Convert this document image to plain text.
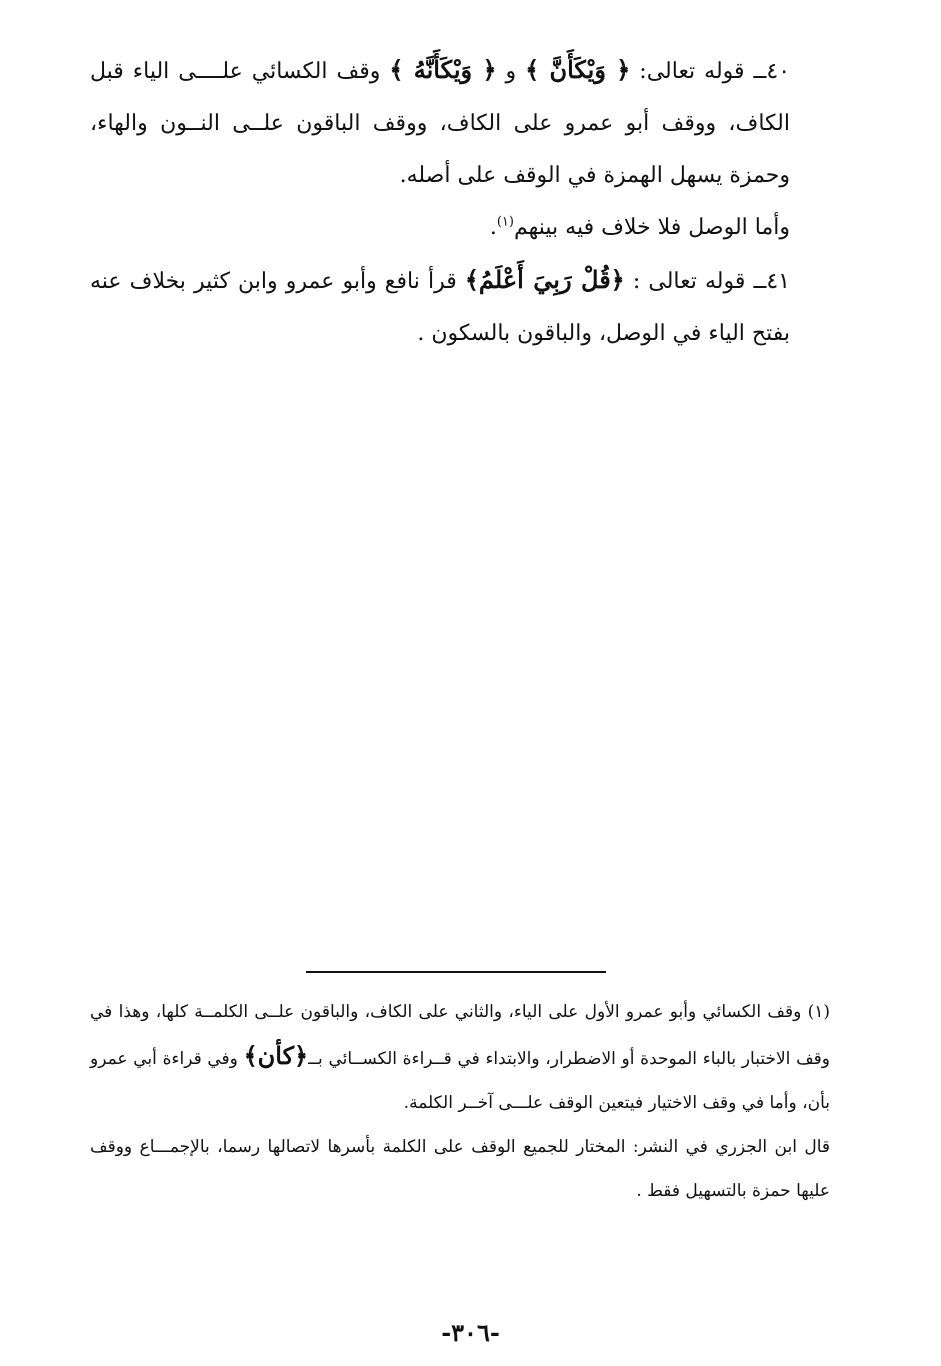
٤٠ــ قوله تعالى: ﴿ وَيْكَأَنَّ ﴾ و ﴿ وَيْكَأَنَّهُ ﴾ وقف الكسائي علــــى الياء قبل الكاف، ووقف أبو عمرو على الكاف، ووقف الباقون علــى النــون والهاء، وحمزة يسهل الهمزة في الوقف على أصله.

وأما الوصل فلا خلاف فيه بينهم$^{(١)}$.

٤١ــ قوله تعالى : ﴿قُلْ رَبِيَ أَعْلَمُ﴾ قرأ نافع وأبو عمرو وابن كثير بخلاف عنه بفتح الياء في الوصل، والباقون بالسكون .

(١) وقف الكسائي وأبو عمرو الأول على الياء، والثاني على الكاف، والباقون علــى الكلمــة كلها، وهذا في وقف الاختبار بالباء الموحدة أو الاضطرار، والابتداء في قــراءة الكســائي بــ﴿كأن﴾ وفي قراءة أبي عمرو بأن، وأما في وقف الاختيار فيتعين الوقف علـــى آخــر الكلمة.

قال ابن الجزري في النشر: المختار للجميع الوقف على الكلمة بأسرها لاتصالها رسما، بالإجمـــاع ووقف عليها حمزة بالتسهيل فقط .

-٣٠٦-
